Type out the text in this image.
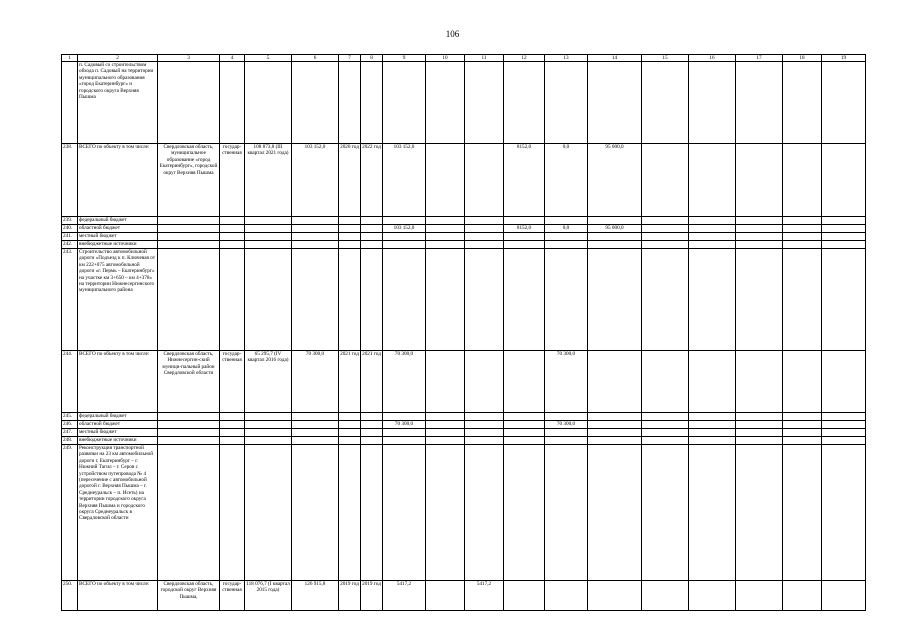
106
1	2	3	4	5	6	7	8	9	10	11	12	13	14	15	16	17	18	19
	п. Садовый со строительством обхода п. Садовый на территории муниципального образования «город Екатеринбург» и городского округа Верхняя Пышма																	
238.	ВСЕГО по объекту в том числе:	Свердловская область, муниципальное образование «город Екатеринбург», городской округ Верхняя Пышма	государ-ственная	108 873,8 (III квартал 2021 года)	103 152,0	2020 год	2022 год	103 152,0			8152,0	0,0	95 000,0					
239.	федеральный бюджет																	
240.	областной бюджет							103 152,0			8152,0	0,0	95 000,0					
241.	местный бюджет																	
242.	внебюджетные источники																	
243.	Строительство автомобильной дороги «Подъезд к п. Ключевая от км 222+075 автомобильной дороги «г. Пермь – Екатеринбург» на участке км 3+650 – км 4+378» на территории Нижнесергинского муниципального района																	
244.	ВСЕГО по объекту в том числе:	Свердловская область, Нижнесергин-ский муници-пальный район Свердловской области	государ-ственная	65 295,7 (IV квартал 2016 года)	70 300,0	2021 год	2021 год	70 300,0				70 300,0						
245.	федеральный бюджет																	
246.	областной бюджет							70 300,0				70 300,0						
247.	местный бюджет																	
248.	внебюджетные источники																	
249.	Реконструкция транспортной развязки на 23 км автомобильной дороги г. Екатеринбург – г. Нижний Тагил – г. Серов с устройством путепровода № 4 (пересечение с автомобильной дорогой г. Верхняя Пышма – г. Среднеуральск – п. Исеть) на территории городского округа Верхняя Пышма и городского округа Среднеуральск в Свердловской области																	
250.	ВСЕГО по объекту в том числе:	Свердловская область, городской округ Верхняя Пышма,	государ-ственная	118 076,7 (I квартал 2015 года)	126 915,8	2019 год	2019 год	5417,2		5417,2								
